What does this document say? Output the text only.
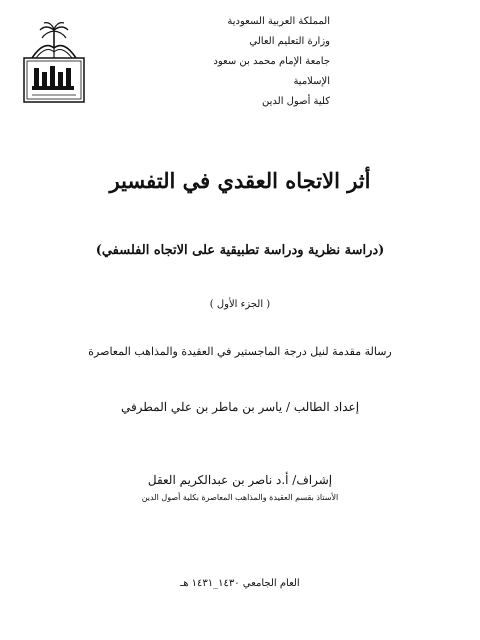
المملكة العربية السعودية
وزارة التعليم العالي
جامعة الإمام محمد بن سعود
الإسلامية
كلية أصول الدين
أثر الاتجاه العقدي في التفسير
(دراسة نظرية ودراسة تطبيقية على الاتجاه الفلسفي)
( الجزء الأول )
رسالة مقدمة لنيل درجة الماجستير في العقيدة والمذاهب المعاصرة
إعداد الطالب / ياسر بن ماطر بن علي المطرفي
إشراف/ أ.د ناصر بن عبدالكريم العقل
الأستاذ بقسم العقيدة والمذاهب المعاصرة بكلية أصول الدين
العام الجامعي ١٤٣٠_١٤٣١ هـ
